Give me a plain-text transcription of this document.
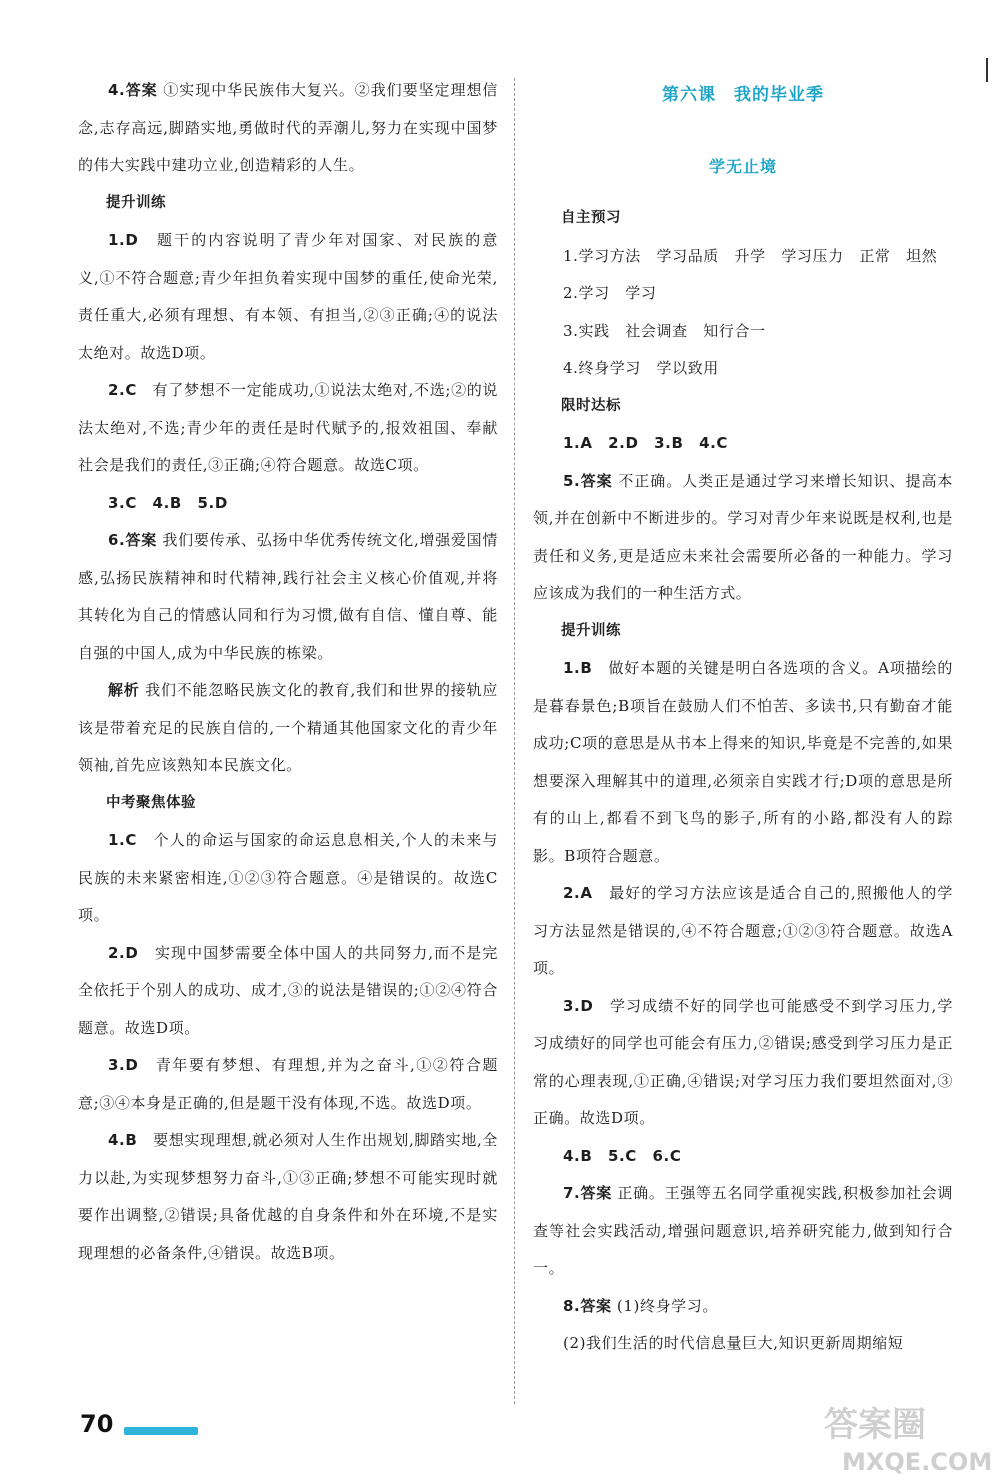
4.答案 ①实现中华民族伟大复兴。②我们要坚定理想信念,志存高远,脚踏实地,勇做时代的弄潮儿,努力在实现中国梦的伟大实践中建功立业,创造精彩的人生。

提升训练

1.D　 题干的内容说明了青少年对国家、对民族的意义,①不符合题意;青少年担负着实现中国梦的重任,使命光荣,责任重大,必须有理想、有本领、有担当,②③正确;④的说法太绝对。故选D项。

2.C　 有了梦想不一定能成功,①说法太绝对,不选;②的说法太绝对,不选;青少年的责任是时代赋予的,报效祖国、奉献社会是我们的责任,③正确;④符合题意。故选C项。

3.C　4.B　5.D

6.答案 我们要传承、弘扬中华优秀传统文化,增强爱国情感,弘扬民族精神和时代精神,践行社会主义核心价值观,并将其转化为自己的情感认同和行为习惯,做有自信、懂自尊、能自强的中国人,成为中华民族的栋梁。

解析 我们不能忽略民族文化的教育,我们和世界的接轨应该是带着充足的民族自信的,一个精通其他国家文化的青少年领袖,首先应该熟知本民族文化。

中考聚焦体验

1.C　 个人的命运与国家的命运息息相关,个人的未来与民族的未来紧密相连,①②③符合题意。④是错误的。故选C项。

2.D　 实现中国梦需要全体中国人的共同努力,而不是完全依托于个别人的成功、成才,③的说法是错误的;①②④符合题意。故选D项。

3.D　 青年要有梦想、有理想,并为之奋斗,①②符合题意;③④本身是正确的,但是题干没有体现,不选。故选D项。

4.B　 要想实现理想,就必须对人生作出规划,脚踏实地,全力以赴,为实现梦想努力奋斗,①③正确;梦想不可能实现时就要作出调整,②错误;具备优越的自身条件和外在环境,不是实现理想的必备条件,④错误。故选B项。

第六课　我的毕业季
学无止境

自主预习

1.学习方法　学习品质　升学　学习压力　正常　坦然

2.学习　学习

3.实践　社会调查　知行合一

4.终身学习　学以致用

限时达标

1.A　2.D　3.B　4.C

5.答案 不正确。人类正是通过学习来增长知识、提高本领,并在创新中不断进步的。学习对青少年来说既是权利,也是责任和义务,更是适应未来社会需要所必备的一种能力。学习应该成为我们的一种生活方式。

提升训练

1.B　 做好本题的关键是明白各选项的含义。A项描绘的是暮春景色;B项旨在鼓励人们不怕苦、多读书,只有勤奋才能成功;C项的意思是从书本上得来的知识,毕竟是不完善的,如果想要深入理解其中的道理,必须亲自实践才行;D项的意思是所有的山上,都看不到飞鸟的影子,所有的小路,都没有人的踪影。B项符合题意。

2.A　 最好的学习方法应该是适合自己的,照搬他人的学习方法显然是错误的,④不符合题意;①②③符合题意。故选A项。

3.D　 学习成绩不好的同学也可能感受不到学习压力,学习成绩好的同学也可能会有压力,②错误;感受到学习压力是正常的心理表现,①正确,④错误;对学习压力我们要坦然面对,③正确。故选D项。

4.B　5.C　6.C

7.答案 正确。王强等五名同学重视实践,积极参加社会调查等社会实践活动,增强问题意识,培养研究能力,做到知行合一。

8.答案 (1)终身学习。

(2)我们生活的时代信息量巨大,知识更新周期缩短

70	答案圈
MXQE.COM
